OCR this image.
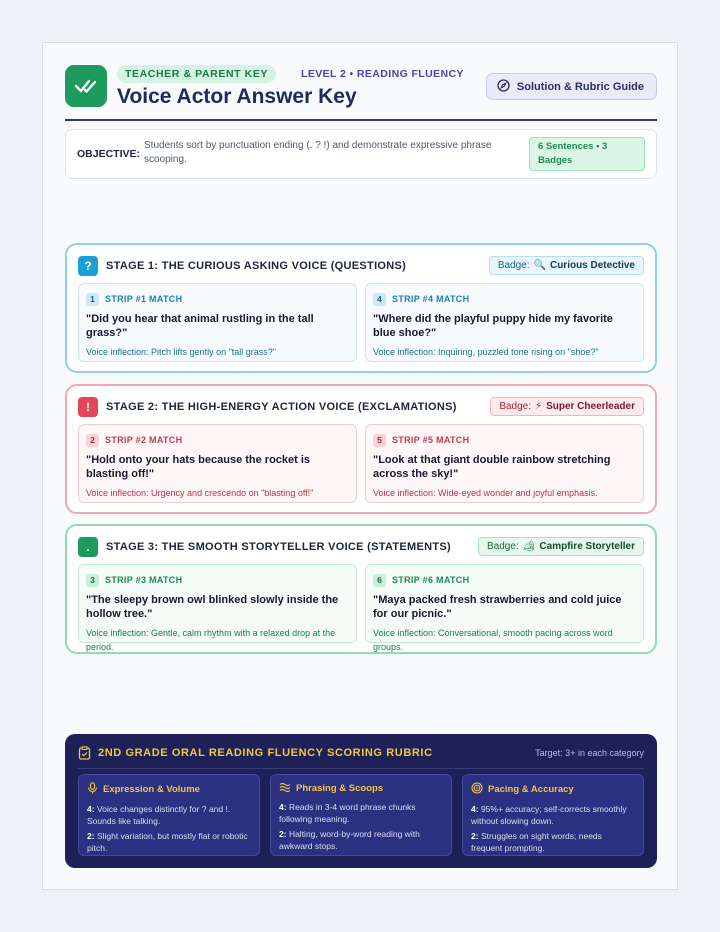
TEACHER & PARENT KEY	LEVEL 2 • READING FLUENCY
Voice Actor Answer Key	Solution & Rubric Guide
OBJECTIVE:
Students sort by punctuation ending (. ? !) and demonstrate expressive phrase scooping.
6 Sentences • 3 Badges
?	STAGE 1: THE CURIOUS ASKING VOICE (QUESTIONS)	Badge: 🔍 Curious Detective
1	STRIP #1 MATCH
"Did you hear that animal rustling in the tall grass?"
Voice inflection: Pitch lifts gently on "tall grass?"
4	STRIP #4 MATCH
"Where did the playful puppy hide my favorite blue shoe?"
Voice inflection: Inquiring, puzzled tone rising on "shoe?"
!	STAGE 2: THE HIGH-ENERGY ACTION VOICE (EXCLAMATIONS)	Badge: ⚡ Super Cheerleader
2	STRIP #2 MATCH
"Hold onto your hats because the rocket is blasting off!"
Voice inflection: Urgency and crescendo on "blasting off!"
5	STRIP #5 MATCH
"Look at that giant double rainbow stretching across the sky!"
Voice inflection: Wide-eyed wonder and joyful emphasis.
.	STAGE 3: THE SMOOTH STORYTELLER VOICE (STATEMENTS)	Badge: 🏕 Campfire Storyteller
3	STRIP #3 MATCH
"The sleepy brown owl blinked slowly inside the hollow tree."
Voice inflection: Gentle, calm rhythm with a relaxed drop at the period.
6	STRIP #6 MATCH
"Maya packed fresh strawberries and cold juice for our picnic."
Voice inflection: Conversational, smooth pacing across word groups.
2ND GRADE ORAL READING FLUENCY SCORING RUBRIC	Target: 3+ in each category
Expression & Volume
4: Voice changes distinctly for ? and !. Sounds like talking.
2: Slight variation, but mostly flat or robotic pitch.
Phrasing & Scoops
4: Reads in 3-4 word phrase chunks following meaning.
2: Halting, word-by-word reading with awkward stops.
Pacing & Accuracy
4: 95%+ accuracy; self-corrects smoothly without slowing down.
2: Struggles on sight words; needs frequent prompting.
